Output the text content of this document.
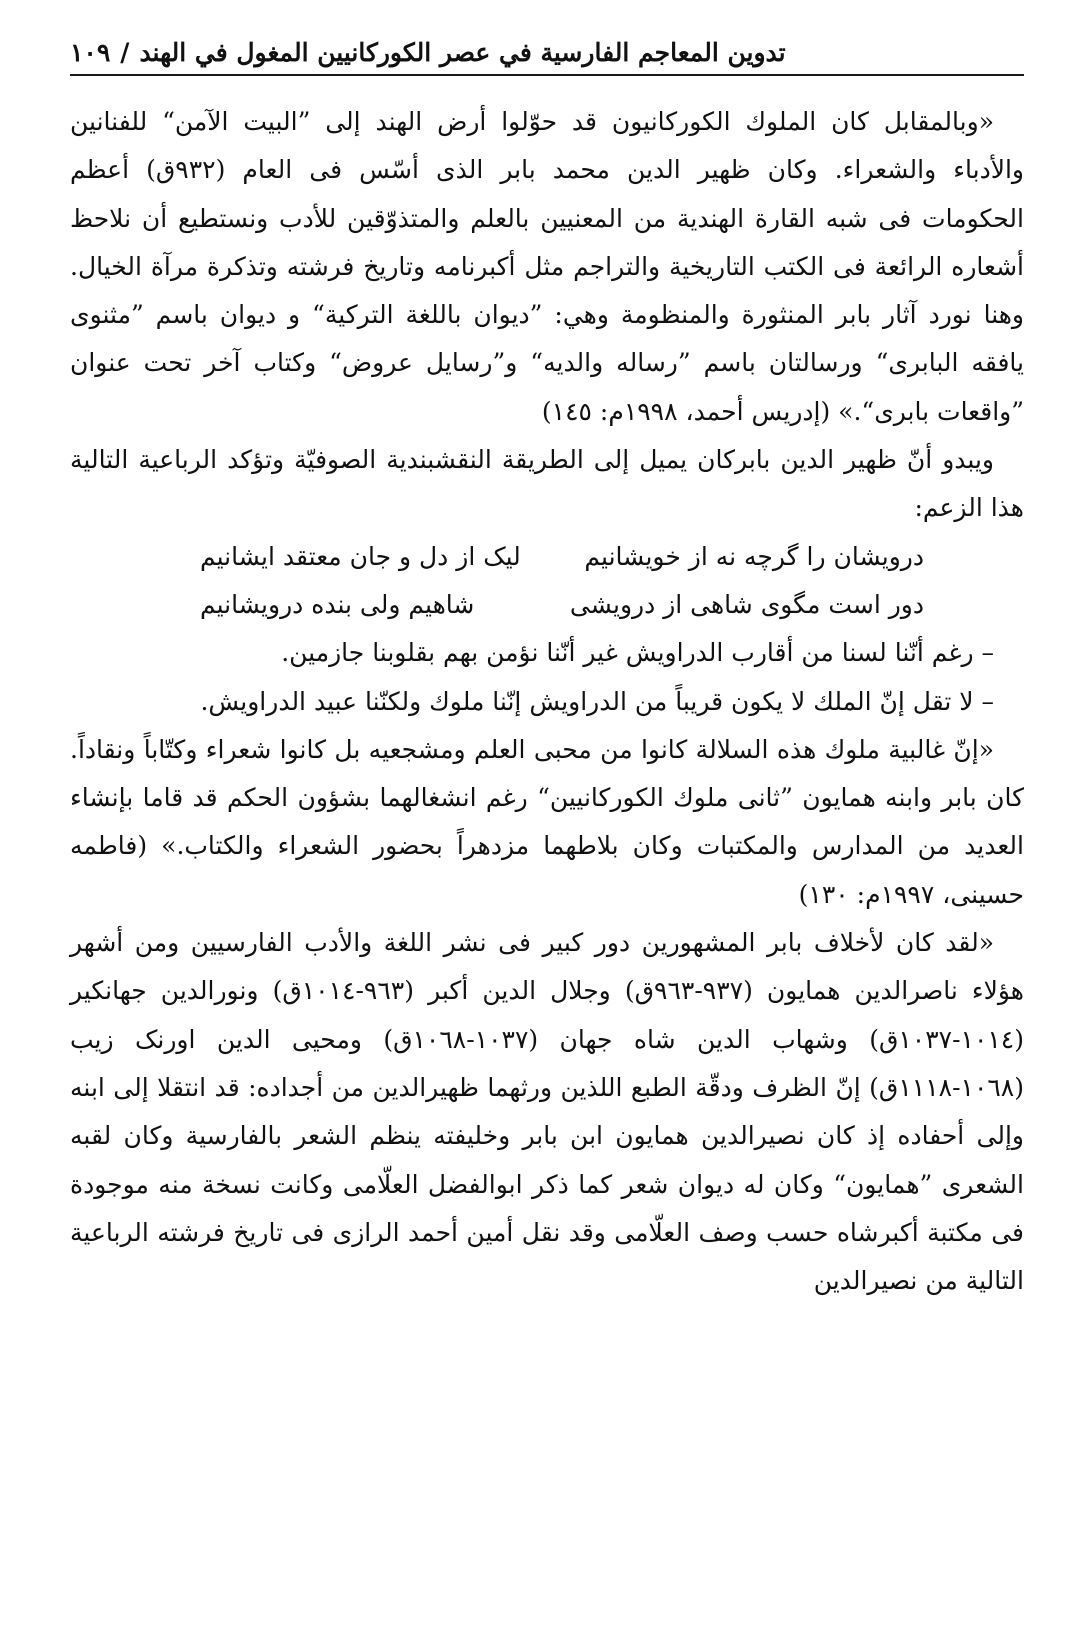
تدوين المعاجم الفارسية في عصر الكوركانيين المغول في الهند
/
١٠٩

«وبالمقابل كان الملوك الكوركانيون قد حوّلوا أرض الهند إلى ”البيت الآمن“ للفنانين والأدباء والشعراء. وكان ظهير الدين محمد بابر الذى أسّس فى العام (٩٣٢ق) أعظم الحكومات فى شبه القارة الهندية من المعنيين بالعلم والمتذوّقين للأدب ونستطيع أن نلاحظ أشعاره الرائعة فى الكتب التاريخية والتراجم مثل أكبرنامه وتاريخ فرشته وتذكرة مرآة الخيال. وهنا نورد آثار بابر المنثورة والمنظومة وهي: ”ديوان باللغة التركية“ و ديوان باسم ”مثنوى يافقه البابرى“ ورسالتان باسم ”رساله والديه“ و”رسايل عروض“ وكتاب آخر تحت عنوان ”واقعات بابرى“.» (إدريس أحمد، ١٩٩٨م: ١٤٥)

ويبدو أنّ ظهير الدين بابركان يميل إلى الطريقة النقشبندية الصوفيّة وتؤكد الرباعية التالية هذا الزعم:

درويشان را گرچه نه از خويشانيم
ليک از دل و جان معتقد ايشانيم
دور است مگوى شاهى از درويشى
شاهيم ولى بنده درويشانيم

– رغم أنّنا لسنا من أقارب الدراويش غير أنّنا نؤمن بهم بقلوبنا جازمين.

– لا تقل إنّ الملك لا يكون قريباً من الدراويش إنّنا ملوك ولكنّنا عبيد الدراويش.

«إنّ غالبية ملوك هذه السلالة كانوا من محبى العلم ومشجعيه بل كانوا شعراء وكتّاباً ونقاداً. كان بابر وابنه همايون ”ثانى ملوك الكوركانيين“ رغم انشغالهما بشؤون الحكم قد قاما بإنشاء العديد من المدارس والمكتبات وكان بلاطهما مزدهراً بحضور الشعراء والكتاب.» (فاطمه حسينى، ١٩٩٧م: ١٣٠)

«لقد كان لأخلاف بابر المشهورين دور كبير فى نشر اللغة والأدب الفارسيين ومن أشهر هؤلاء ناصرالدين همايون (٩٣٧-٩٦٣ق) وجلال الدين أكبر (٩٦٣-١٠١٤ق) ونورالدين جهانكير (١٠١٤-١٠٣٧ق) وشهاب الدين شاه جهان (١٠٣٧-١٠٦٨ق) ومحيى الدين اورنک زيب (١٠٦٨-١١١٨ق) إنّ الظرف ودقّة الطبع اللذين ورثهما ظهيرالدين من أجداده: قد انتقلا إلى ابنه وإلى أحفاده إذ كان نصيرالدين همايون ابن بابر وخليفته ينظم الشعر بالفارسية وكان لقبه الشعرى ”همايون“ وكان له ديوان شعر كما ذكر ابوالفضل العلّامى وكانت نسخة منه موجودة فى مكتبة أكبرشاه حسب وصف العلّامى وقد نقل أمين أحمد الرازى فى تاريخ فرشته الرباعية التالية من نصيرالدين
